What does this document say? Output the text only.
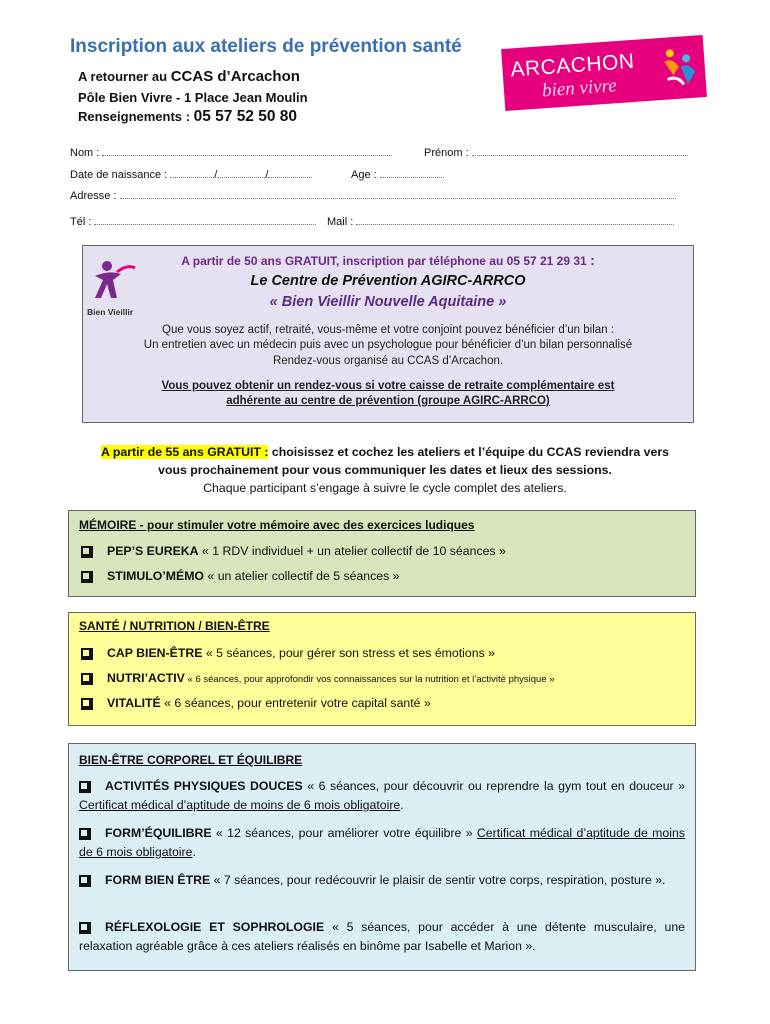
Inscription aux ateliers de prévention santé
A retourner au CCAS d’Arcachon
Pôle Bien Vivre - 1 Place Jean Moulin
Renseignements : 05 57 52 50 80
ARCACHON
bien vivre
Nom :	Prénom :
Date de naissance :	/	/	Age :
Adresse :
Tél :	Mail :
Bien Vieillir
A partir de 50 ans GRATUIT, inscription par téléphone au 05 57 21 29 31 :
Le Centre de Prévention AGIRC-ARRCO
« Bien Vieillir Nouvelle Aquitaine »
Que vous soyez actif, retraité, vous-même et votre conjoint pouvez bénéficier d’un bilan :
Un entretien avec un médecin puis avec un psychologue pour bénéficier d’un bilan personnalisé
Rendez-vous organisé au CCAS d’Arcachon.
Vous pouvez obtenir un rendez-vous si votre caisse de retraite complémentaire est
adhérente au centre de prévention (groupe AGIRC-ARRCO)
A partir de 55 ans GRATUIT : choisissez et cochez les ateliers et l’équipe du CCAS reviendra vers
vous prochainement pour vous communiquer les dates et lieux des sessions.
Chaque participant s’engage à suivre le cycle complet des ateliers.
MÉMOIRE - pour stimuler votre mémoire avec des exercices ludiques
PEP’S EUREKA « 1 RDV individuel + un atelier collectif de 10 séances »
STIMULO’MÉMO « un atelier collectif de 5 séances »
SANTÉ / NUTRITION / BIEN-ÊTRE
CAP BIEN-ÊTRE « 5 séances, pour gérer son stress et ses émotions »
NUTRI’ACTIV « 6 séances, pour approfondir vos connaissances sur la nutrition et l’activité physique »
VITALITÉ « 6 séances, pour entretenir votre capital santé »
BIEN-ÊTRE CORPOREL ET ÉQUILIBRE
ACTIVITÉS PHYSIQUES DOUCES « 6 séances, pour découvrir ou reprendre la gym tout en douceur » Certificat médical d’aptitude de moins de 6 mois obligatoire.
FORM’ÉQUILIBRE « 12 séances, pour améliorer votre équilibre » Certificat médical d’aptitude de moins de 6 mois obligatoire.
FORM BIEN ÊTRE « 7 séances, pour redécouvrir le plaisir de sentir votre corps, respiration, posture ».
RÉFLEXOLOGIE ET SOPHROLOGIE « 5 séances, pour accéder à une détente musculaire, une relaxation agréable grâce à ces ateliers réalisés en binôme par Isabelle et Marion ».
